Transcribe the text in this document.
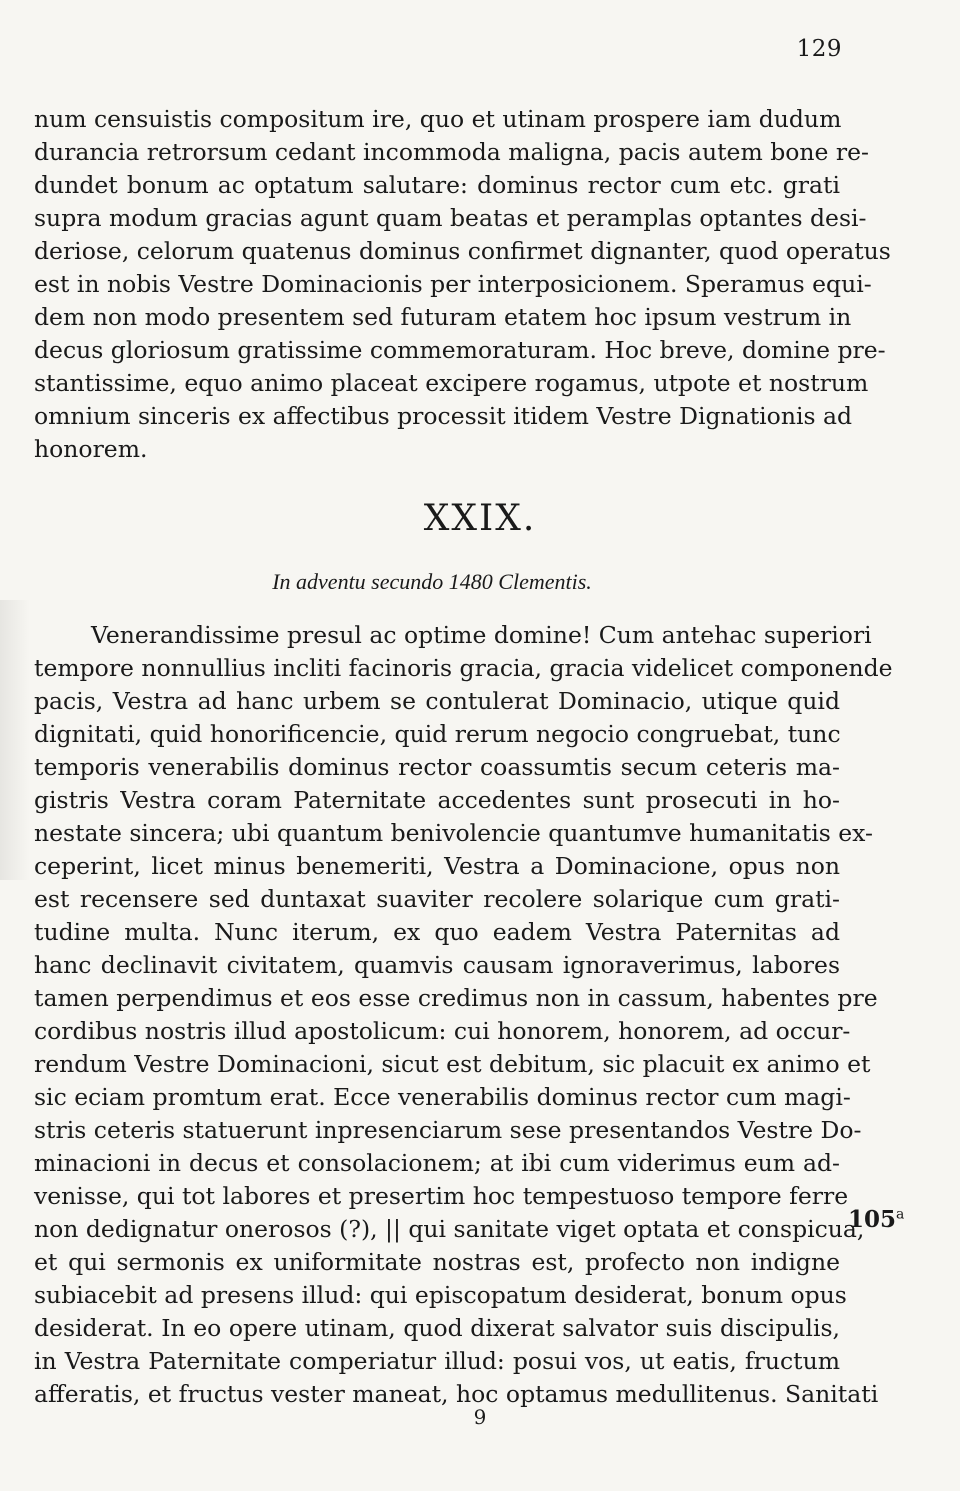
129
num censuistis compositum ire, quo et utinam prospere iam dudum
durancia retrorsum cedant incommoda maligna, pacis autem bone re-
dundet bonum ac optatum salutare: dominus rector cum etc. grati
supra modum gracias agunt quam beatas et peramplas optantes desi-
deriose, celorum quatenus dominus confirmet dignanter, quod operatus
est in nobis Vestre Dominacionis per interposicionem. Speramus equi-
dem non modo presentem sed futuram etatem hoc ipsum vestrum in
decus gloriosum gratissime commemoraturam. Hoc breve, domine pre-
stantissime, equo animo placeat excipere rogamus, utpote et nostrum
omnium sinceris ex affectibus processit itidem Vestre Dignationis ad
honorem.
XXIX.
In adventu secundo 1480 Clementis.
Venerandissime presul ac optime domine! Cum antehac superiori
tempore nonnullius incliti facinoris gracia, gracia videlicet componende
pacis, Vestra ad hanc urbem se contulerat Dominacio, utique quid
dignitati, quid honorificencie, quid rerum negocio congruebat, tunc
temporis venerabilis dominus rector coassumtis secum ceteris ma-
gistris Vestra coram Paternitate accedentes sunt prosecuti in ho-
nestate sincera; ubi quantum benivolencie quantumve humanitatis ex-
ceperint, licet minus benemeriti, Vestra a Dominacione, opus non
est recensere sed duntaxat suaviter recolere solarique cum grati-
tudine multa. Nunc iterum, ex quo eadem Vestra Paternitas ad
hanc declinavit civitatem, quamvis causam ignoraverimus, labores
tamen perpendimus et eos esse credimus non in cassum, habentes pre
cordibus nostris illud apostolicum: cui honorem, honorem, ad occur-
rendum Vestre Dominacioni, sicut est debitum, sic placuit ex animo et
sic eciam promtum erat. Ecce venerabilis dominus rector cum magi-
stris ceteris statuerunt inpresenciarum sese presentandos Vestre Do-
minacioni in decus et consolacionem; at ibi cum viderimus eum ad-
venisse, qui tot labores et presertim hoc tempestuoso tempore ferre
non dedignatur onerosos (?), || qui sanitate viget optata et conspicua,
et qui sermonis ex uniformitate nostras est, profecto non indigne
subiacebit ad presens illud: qui episcopatum desiderat, bonum opus
desiderat. In eo opere utinam, quod dixerat salvator suis discipulis,
in Vestra Paternitate comperiatur illud: posui vos, ut eatis, fructum
afferatis, et fructus vester maneat, hoc optamus medullitenus. Sanitati
105$^a$
9
